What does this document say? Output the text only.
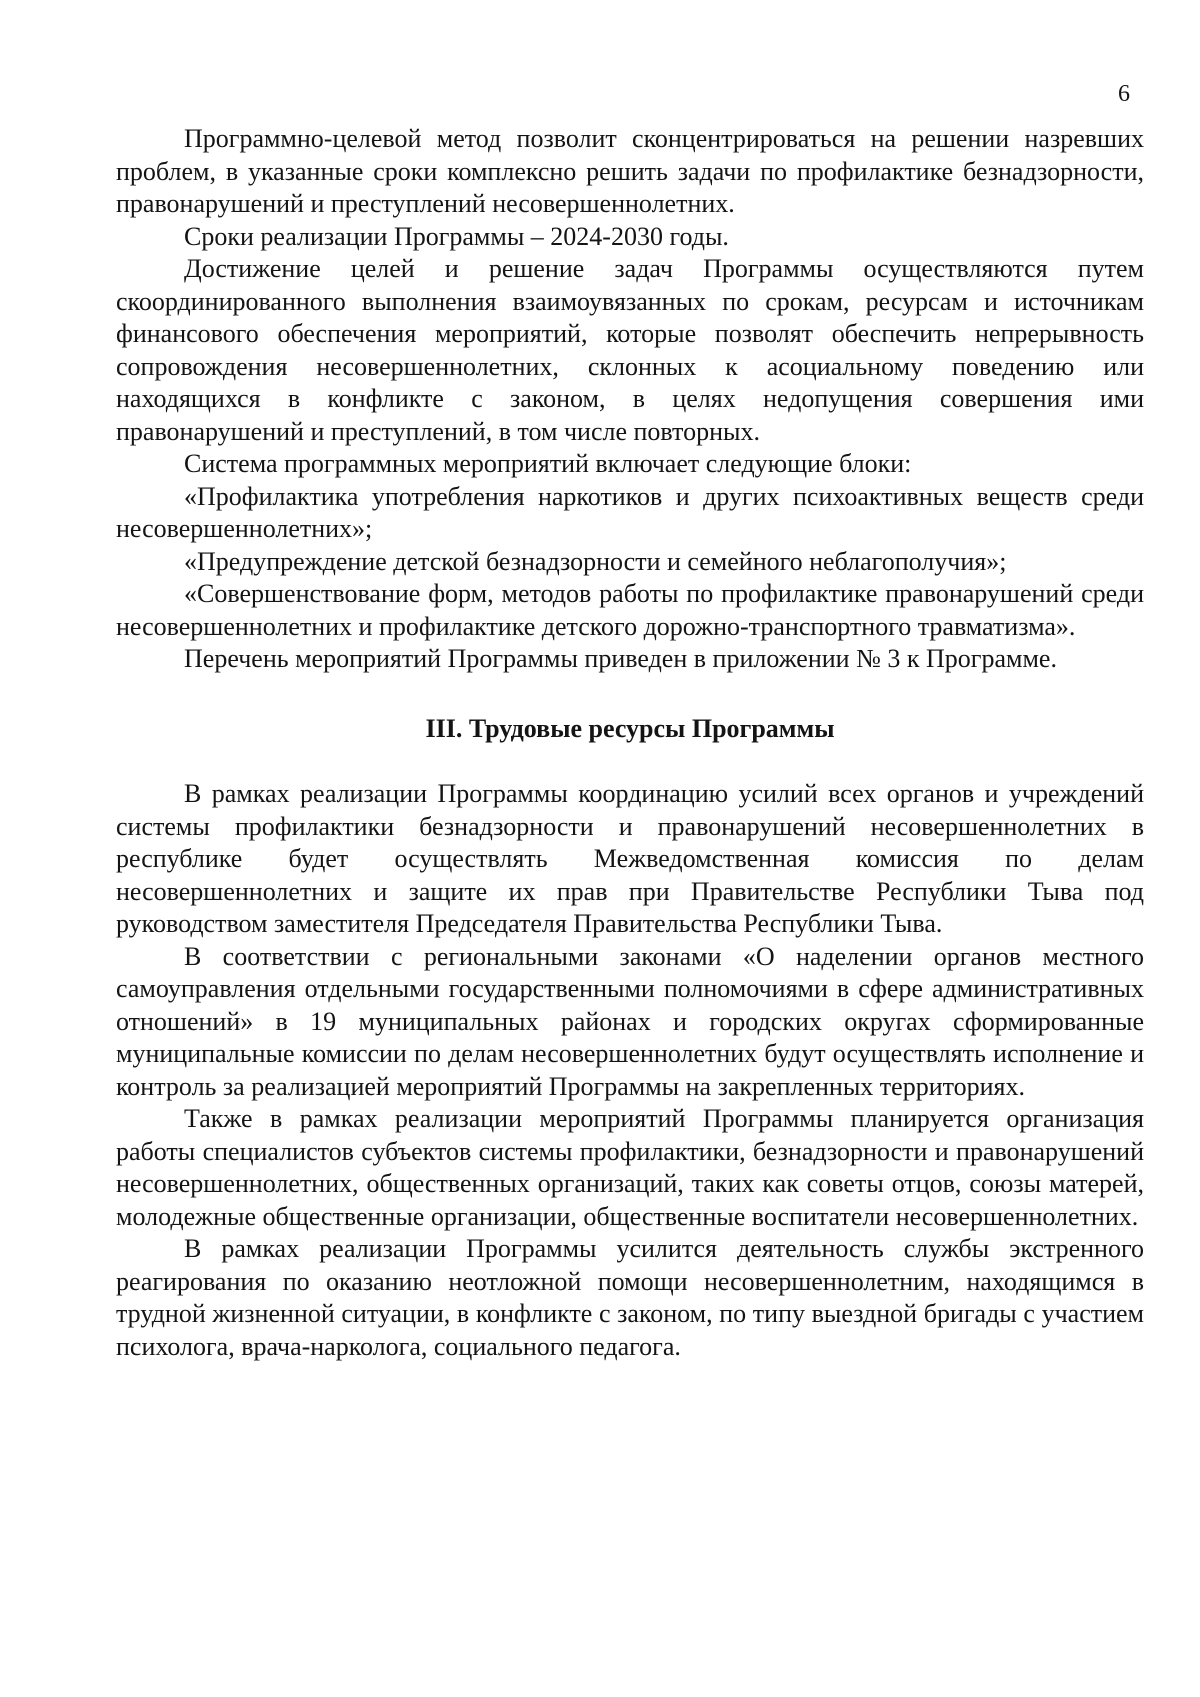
6

Программно-целевой метод позволит сконцентрироваться на решении назревших проблем, в указанные сроки комплексно решить задачи по профилактике безнадзорности, правонарушений и преступлений несовершеннолетних.

Сроки реализации Программы – 2024-2030 годы.

Достижение целей и решение задач Программы осуществляются путем скоординированного выполнения взаимоувязанных по срокам, ресурсам и источникам финансового обеспечения мероприятий, которые позволят обеспечить непрерывность сопровождения несовершеннолетних, склонных к асоциальному поведению или находящихся в конфликте с законом, в целях недопущения совершения ими правонарушений и преступлений, в том числе повторных.

Система программных мероприятий включает следующие блоки:

«Профилактика употребления наркотиков и других психоактивных веществ среди несовершеннолетних»;

«Предупреждение детской безнадзорности и семейного неблагополучия»;

«Совершенствование форм, методов работы по профилактике правонарушений среди несовершеннолетних и профилактике детского дорожно-транспортного травматизма».

Перечень мероприятий Программы приведен в приложении № 3 к Программе.

III. Трудовые ресурсы Программы

В рамках реализации Программы координацию усилий всех органов и учреждений системы профилактики безнадзорности и правонарушений несовершеннолетних в республике будет осуществлять Межведомственная комиссия по делам несовершеннолетних и защите их прав при Правительстве Республики Тыва под руководством заместителя Председателя Правительства Республики Тыва.

В соответствии с региональными законами «О наделении органов местного самоуправления отдельными государственными полномочиями в сфере административных отношений» в 19 муниципальных районах и городских округах сформированные муниципальные комиссии по делам несовершеннолетних будут осуществлять исполнение и контроль за реализацией мероприятий Программы на закрепленных территориях.

Также в рамках реализации мероприятий Программы планируется организация работы специалистов субъектов системы профилактики, безнадзорности и правонарушений несовершеннолетних, общественных организаций, таких как советы отцов, союзы матерей, молодежные общественные организации, общественные воспитатели несовершеннолетних.

В рамках реализации Программы усилится деятельность службы экстренного реагирования по оказанию неотложной помощи несовершеннолетним, находящимся в трудной жизненной ситуации, в конфликте с законом, по типу выездной бригады с участием психолога, врача-нарколога, социального педагога.
